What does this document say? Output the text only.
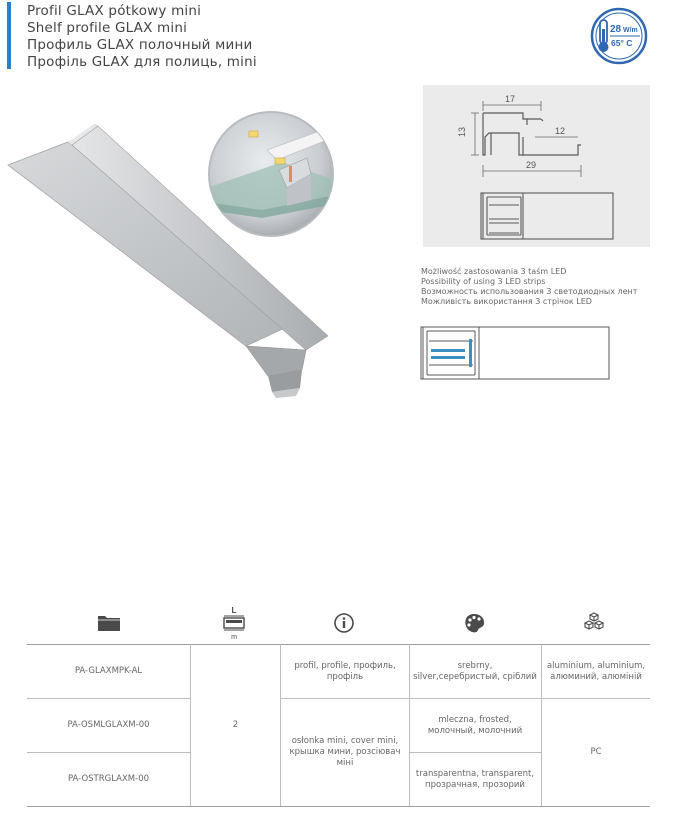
Profil GLAX pótkowy mini
Shelf profile GLAX mini
Профиль GLAX полочный мини
Профіль GLAX для полиць, mini
28 W/m
65° C
17
13	12
29
Możliwość zastosowania 3 taśm LED
Possibility of using 3 LED strips
Возможность использования 3 светодиодных лент
Можливість використання 3 стрічок LED
L
m
PA-GLAXMPK-AL
PA-OSMLGLAXM-00
PA-OSTRGLAXM-00
2
profil, profile, профиль, профіль
osłonka mini, cover mini, крышка мини, розсіювач міні
srebrny, silver,серебристый, сріблий
mleczna, frosted, молочный, молочний
transparentna, transparent, прозрачная, прозорий
aluminium, aluminium, алюминий, алюміній
PC
